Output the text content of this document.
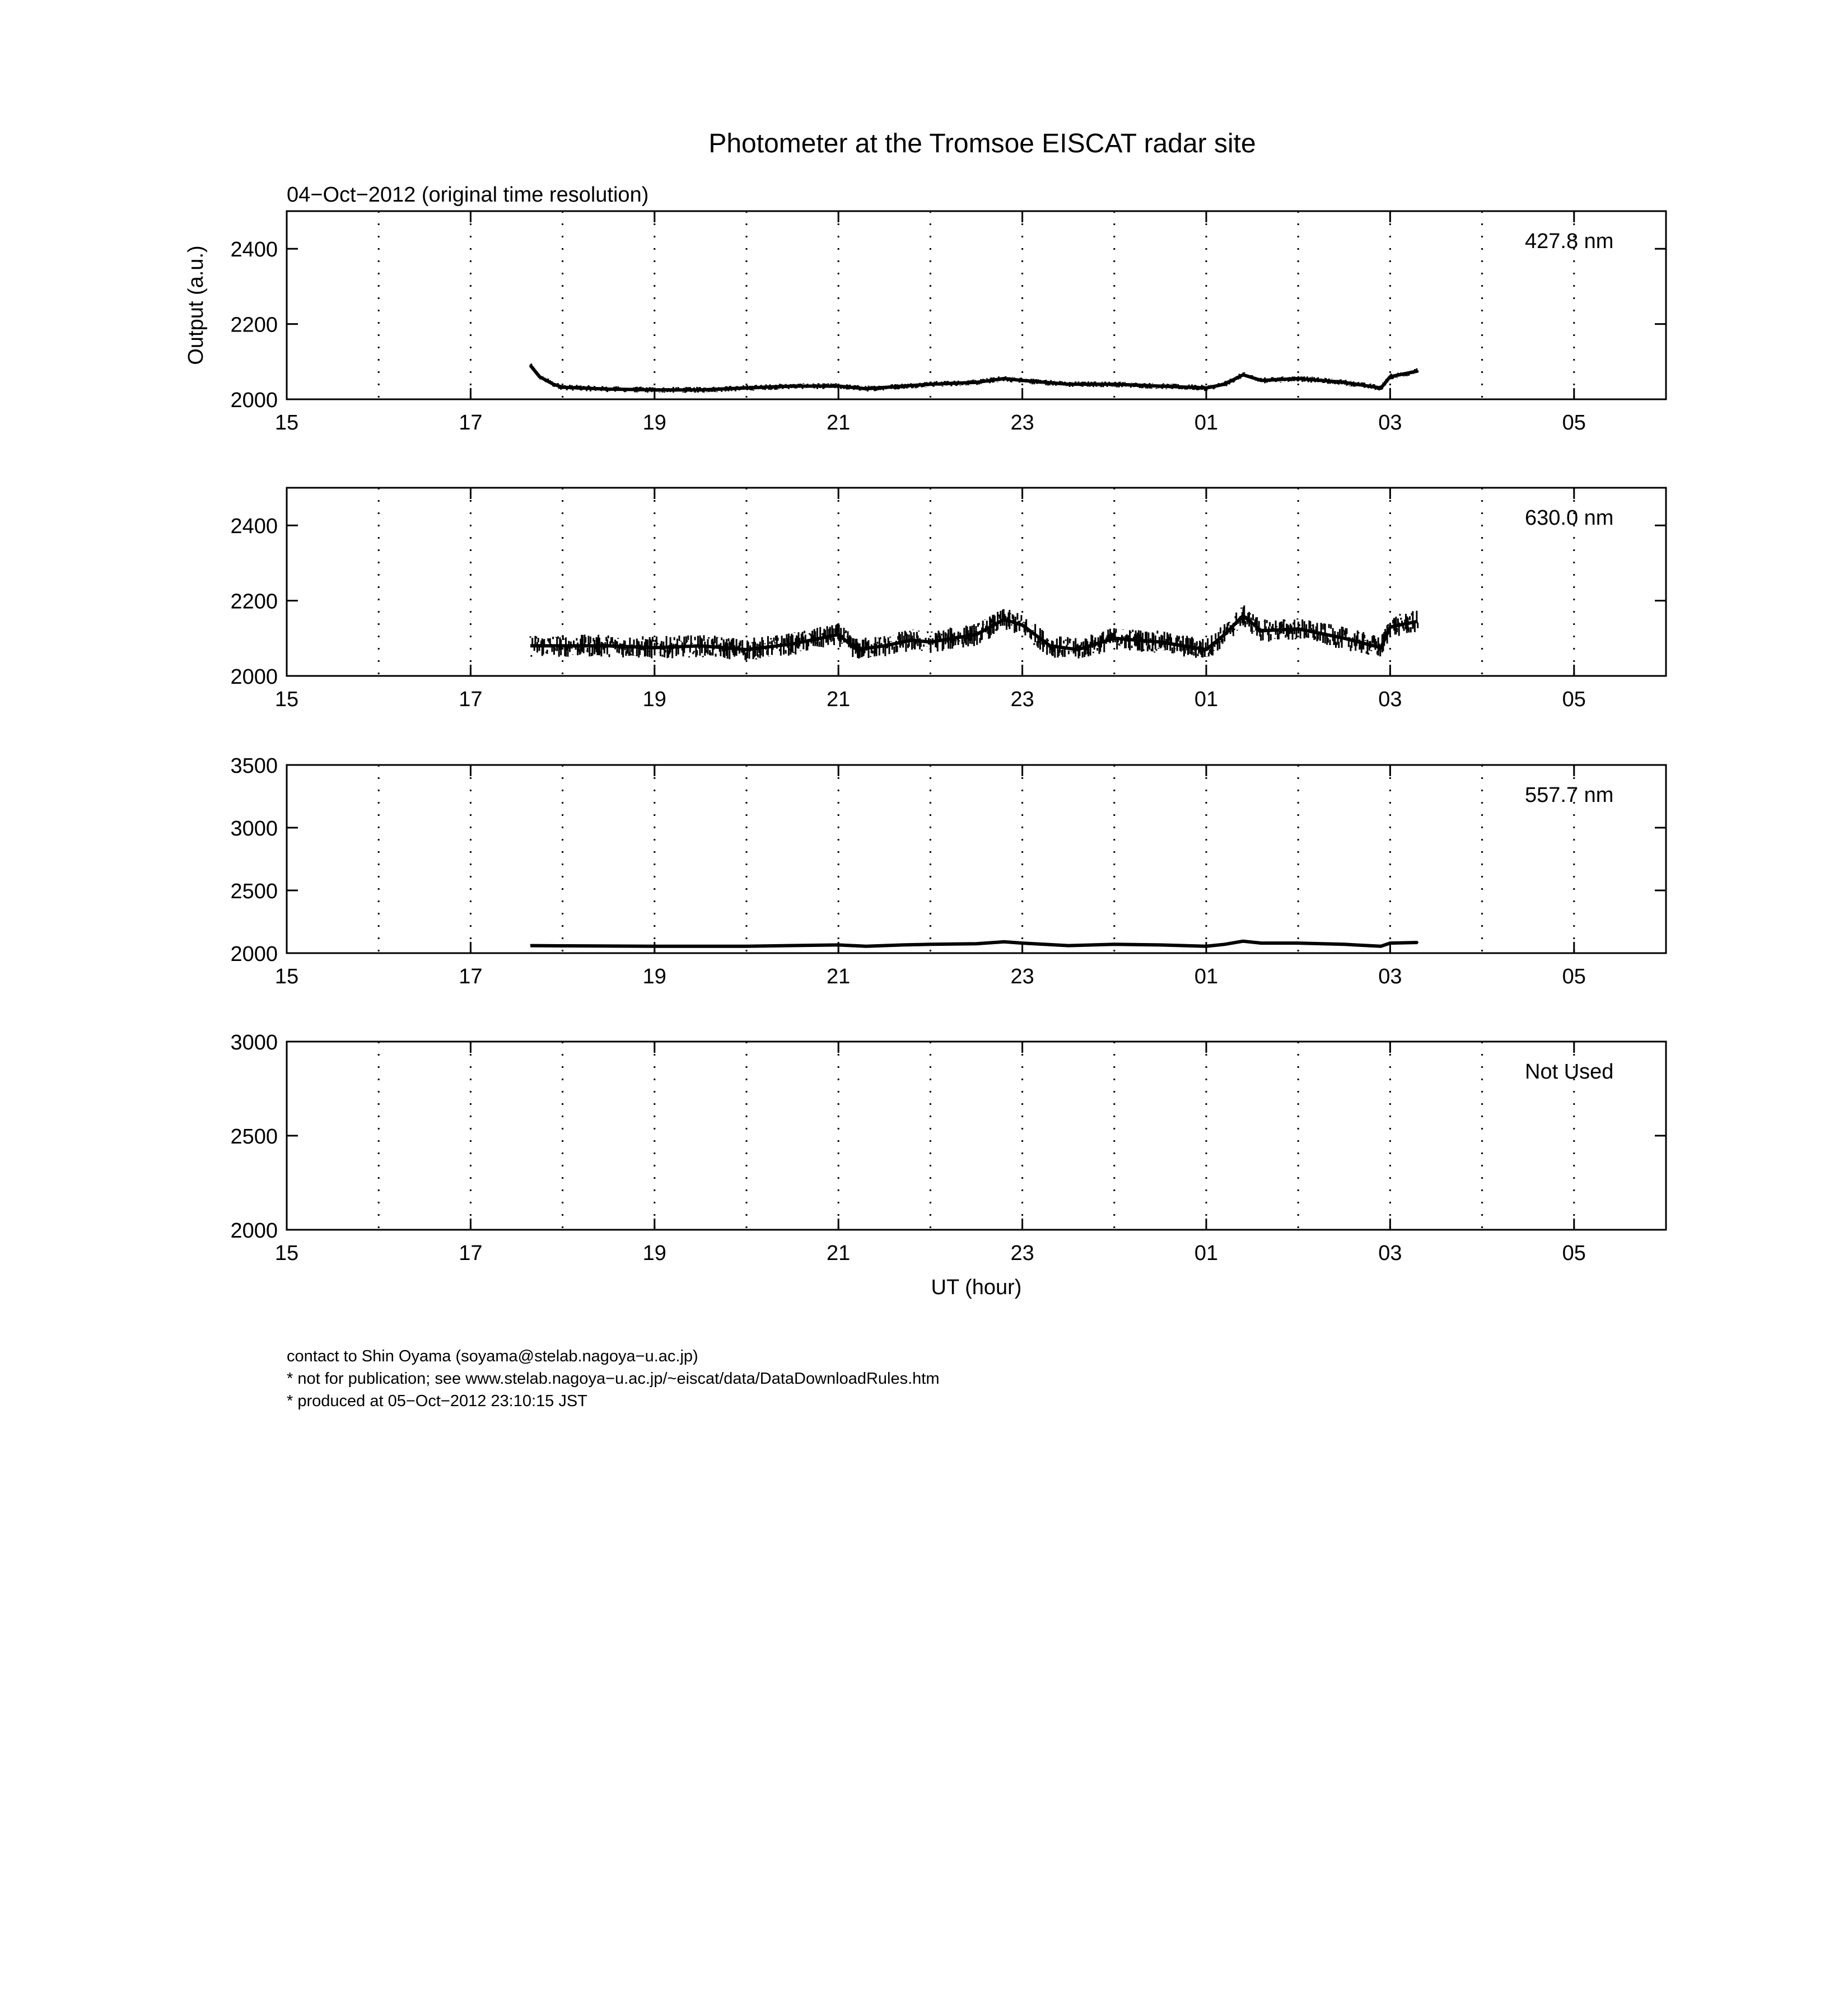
Photometer at the Tromsoe EISCAT radar site
04−Oct−2012 (original time resolution)
15	17	19	21	23	01	03	05
2000
2200
2400	427.8 nm
Output (a.u.)
15	17	19	21	23	01	03	05
2000
2200
2400	630.0 nm
15	17	19	21	23	01	03	05
2000
2500
3000
3500
557.7 nm
15	17	19	21	23	01	03	05
2000
2500
3000
Not Used
UT (hour)
contact to Shin Oyama (soyama@stelab.nagoya−u.ac.jp)
* not for publication; see www.stelab.nagoya−u.ac.jp/~eiscat/data/DataDownloadRules.htm
* produced at 05−Oct−2012 23:10:15 JST
